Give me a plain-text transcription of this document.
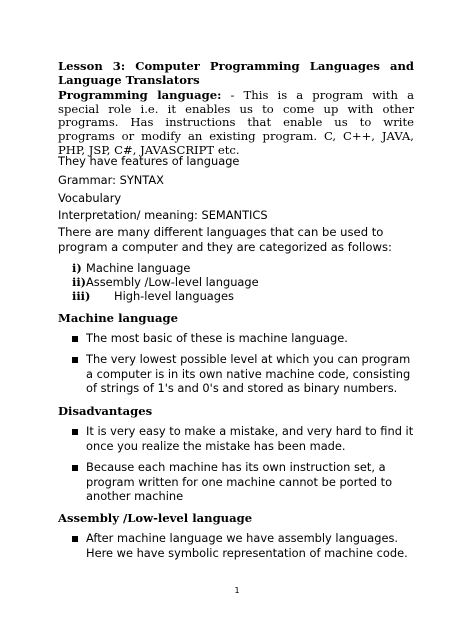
Lesson 3: Computer Programming Languages and
Language Translators
Programming language: - This is a program with a special role i.e. it enables us to come up with other programs. Has instructions that enable us to write programs or modify an existing program. C, C++, JAVA, PHP, JSP, C#, JAVASCRIPT etc.
They have features of language
Grammar: SYNTAX
Vocabulary
Interpretation/ meaning: SEMANTICS
There are many different languages that can be used to program a computer and they are categorized as follows:
i) Machine language
ii) Assembly /Low-level language
iii) High-level languages
Machine language
The most basic of these is machine language.
The very lowest possible level at which you can program a computer is in its own native machine code, consisting of strings of 1's and 0's and stored as binary numbers.
Disadvantages
It is very easy to make a mistake, and very hard to find it once you realize the mistake has been made.
Because each machine has its own instruction set, a program written for one machine cannot be ported to another machine
Assembly /Low-level language
After machine language we have assembly languages. Here we have symbolic representation of machine code.
1
